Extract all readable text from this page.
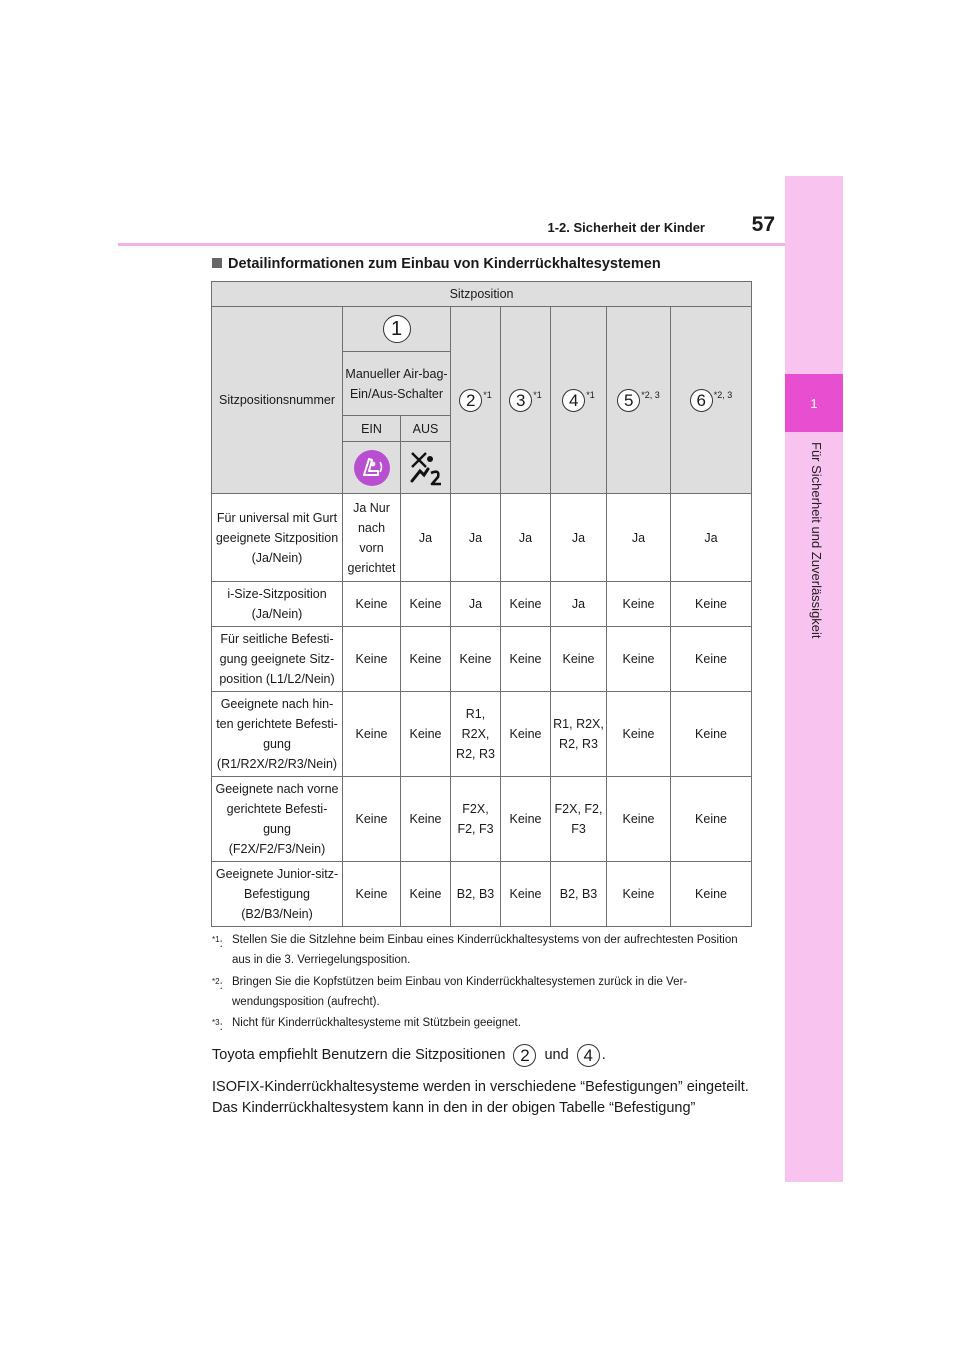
1
Für Sicherheit und Zuverlässigkeit
1-2. Sicherheit der Kinder	57
Detailinformationen zum Einbau von Kinderrückhaltesystemen
Sitzposition							
Sitzpositionsnummer	1		2 $^{*1}$	3 $^{*1}$	4 $^{*1}$	5 $^{*2, 3}$	6 $^{*2, 3}$
	Manueller Air-bag-Ein/Aus-Schalter						
	EIN	AUS					

Für universal mit Gurt geeignete Sitzposition (Ja/Nein)	Ja Nur nach vorn gerichtet	Ja	Ja	Ja	Ja	Ja	Ja
i-Size-Sitzposition (Ja/Nein)	Keine	Keine	Ja	Keine	Ja	Keine	Keine
Für seitliche Befesti-gung geeignete Sitz-position (L1/L2/Nein)	Keine	Keine	Keine	Keine	Keine	Keine	Keine
Geeignete nach hin-ten gerichtete Befesti-gung (R1/R2X/R2/R3/Nein)	Keine	Keine	R1, R2X, R2, R3	Keine	R1, R2X, R2, R3	Keine	Keine
Geeignete nach vorne gerichtete Befesti-gung (F2X/F2/F3/Nein)	Keine	Keine	F2X, F2, F3	Keine	F2X, F2, F3	Keine	Keine
Geeignete Junior-sitz-Befestigung (B2/B3/Nein)	Keine	Keine	B2, B3	Keine	B2, B3	Keine	Keine
$^{*1}$: Stellen Sie die Sitzlehne beim Einbau eines Kinderrückhaltesystems von der aufrechtesten Position aus in die 3. Verriegelungsposition.
$^{*2}$: Bringen Sie die Kopfstützen beim Einbau von Kinderrückhaltesystemen zurück in die Ver-wendungsposition (aufrecht).
$^{*3}$: Nicht für Kinderrückhaltesysteme mit Stützbein geeignet.
Toyota empfiehlt Benutzern die Sitzpositionen 2 und 4 .
ISOFIX-Kinderrückhaltesysteme werden in verschiedene “Befestigungen” eingeteilt. Das Kinderrückhaltesystem kann in den in der obigen Tabelle “Befestigung”
